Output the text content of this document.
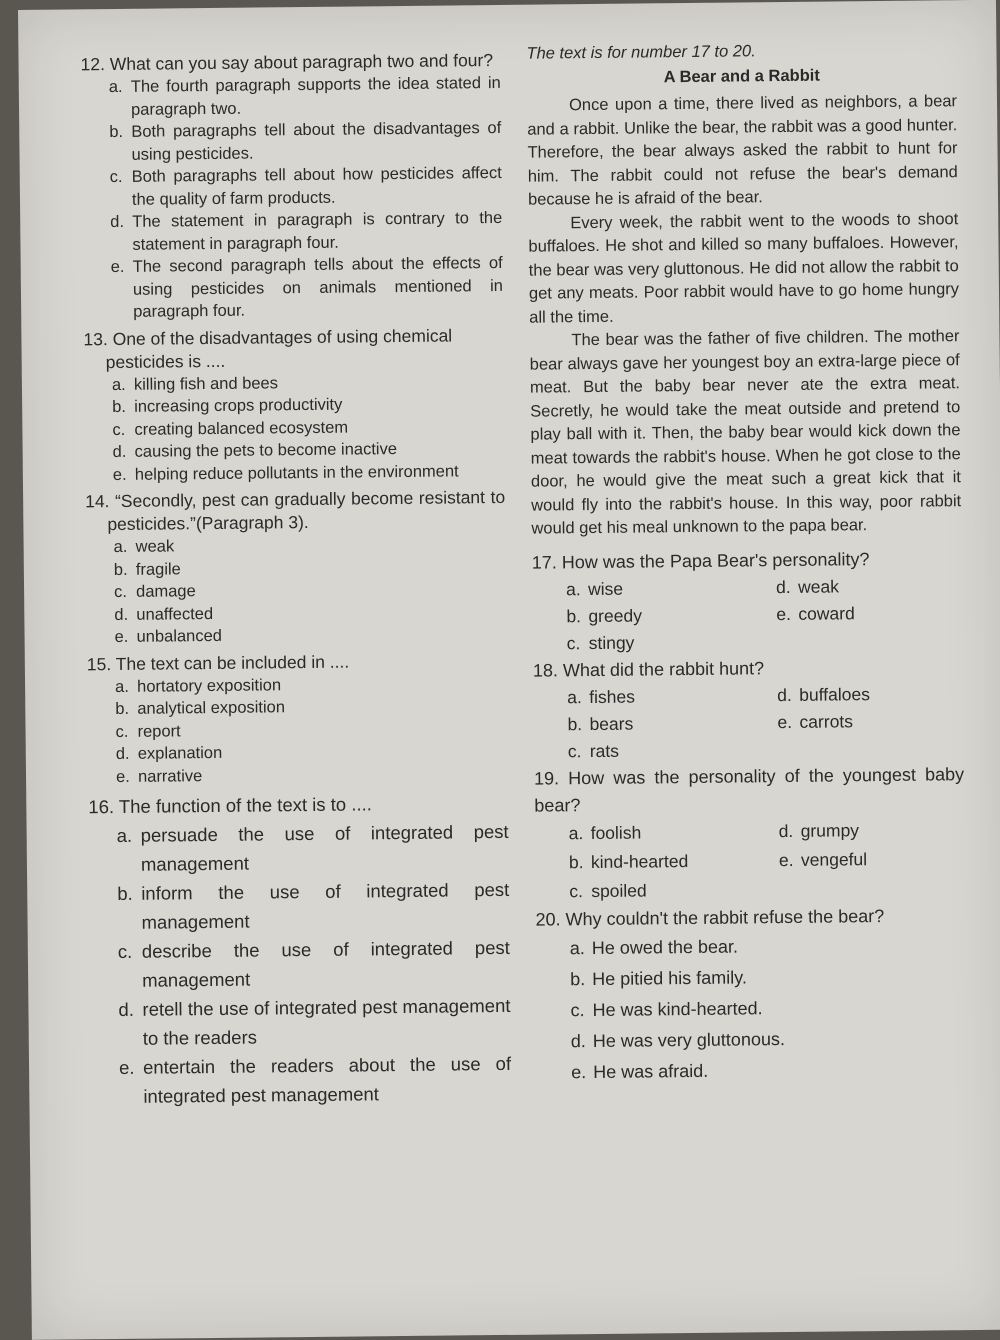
12. What can you say about paragraph two and four?

a. The fourth paragraph supports the idea stated in paragraph two.

b. Both paragraphs tell about the disadvantages of using pesticides.

c. Both paragraphs tell about how pesticides affect the quality of farm products.

d. The statement in paragraph is contrary to the statement in paragraph four.

e. The second paragraph tells about the effects of using pesticides on animals mentioned in paragraph four.

13. One of the disadvantages of using chemical pesticides is ....

a. killing fish and bees

b. increasing crops productivity

c. creating balanced ecosystem

d. causing the pets to become inactive

e. helping reduce pollutants in the environment

14. “Secondly, pest can gradually become resistant to pesticides.”(Paragraph 3).

a. weak

b. fragile

c. damage

d. unaffected

e. unbalanced

15. The text can be included in ....

a. hortatory exposition

b. analytical exposition

c. report

d. explanation

e. narrative

16. The function of the text is to ....

a. persuade the use of integrated pest management

b. inform the use of integrated pest management

c. describe the use of integrated pest management

d. retell the use of integrated pest management to the readers

e. entertain the readers about the use of integrated pest management

The text is for number 17 to 20.

A Bear and a Rabbit

Once upon a time, there lived as neighbors, a bear and a rabbit. Unlike the bear, the rabbit was a good hunter. Therefore, the bear always asked the rabbit to hunt for him. The rabbit could not refuse the bear's demand because he is afraid of the bear.

Every week, the rabbit went to the woods to shoot buffaloes. He shot and killed so many buffaloes. However, the bear was very gluttonous. He did not allow the rabbit to get any meats. Poor rabbit would have to go home hungry all the time.

The bear was the father of five children. The mother bear always gave her youngest boy an extra-large piece of meat. But the baby bear never ate the extra meat. Secretly, he would take the meat outside and pretend to play ball with it. Then, the baby bear would kick down the meat towards the rabbit's house. When he got close to the door, he would give the meat such a great kick that it would fly into the rabbit's house. In this way, poor rabbit would get his meal unknown to the papa bear.

17. How was the Papa Bear's personality?

a. wise	d. weak
b. greedy	e. coward
c. stingy

18. What did the rabbit hunt?

a. fishes	d. buffaloes
b. bears	e. carrots
c. rats

19. How was the personality of the youngest baby bear?

a. foolish	d. grumpy
b. kind-hearted	e. vengeful
c. spoiled

20. Why couldn't the rabbit refuse the bear?

a. He owed the bear.
b. He pitied his family.
c. He was kind-hearted.
d. He was very gluttonous.
e. He was afraid.
